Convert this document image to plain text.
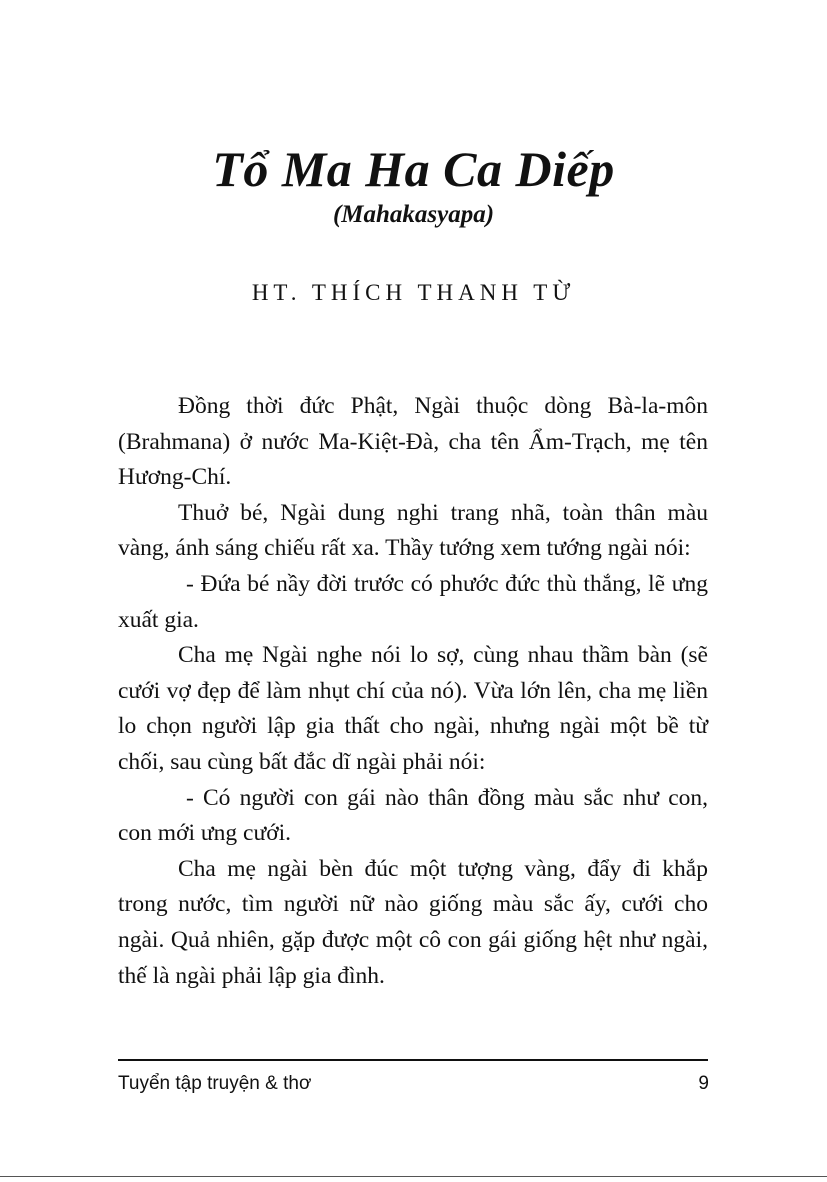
Tổ Ma Ha Ca Diếp
(Mahakasyapa)
HT. THÍCH THANH TỪ

Đồng thời đức Phật, Ngài thuộc dòng Bà-la-môn (Brahmana) ở nước Ma-Kiệt-Đà, cha tên Ẩm-Trạch, mẹ tên Hương-Chí.

Thuở bé, Ngài dung nghi trang nhã, toàn thân màu vàng, ánh sáng chiếu rất xa. Thầy tướng xem tướng ngài nói:

- Đứa bé nầy đời trước có phước đức thù thắng, lẽ ưng xuất gia.

Cha mẹ Ngài nghe nói lo sợ, cùng nhau thầm bàn (sẽ cưới vợ đẹp để làm nhụt chí của nó). Vừa lớn lên, cha mẹ liền lo chọn người lập gia thất cho ngài, nhưng ngài một bề từ chối, sau cùng bất đắc dĩ ngài phải nói:

- Có người con gái nào thân đồng màu sắc như con, con mới ưng cưới.

Cha mẹ ngài bèn đúc một tượng vàng, đẩy đi khắp trong nước, tìm người nữ nào giống màu sắc ấy, cưới cho ngài. Quả nhiên, gặp được một cô con gái giống hệt như ngài, thế là ngài phải lập gia đình.

Tuyển tập truyện & thơ	9
